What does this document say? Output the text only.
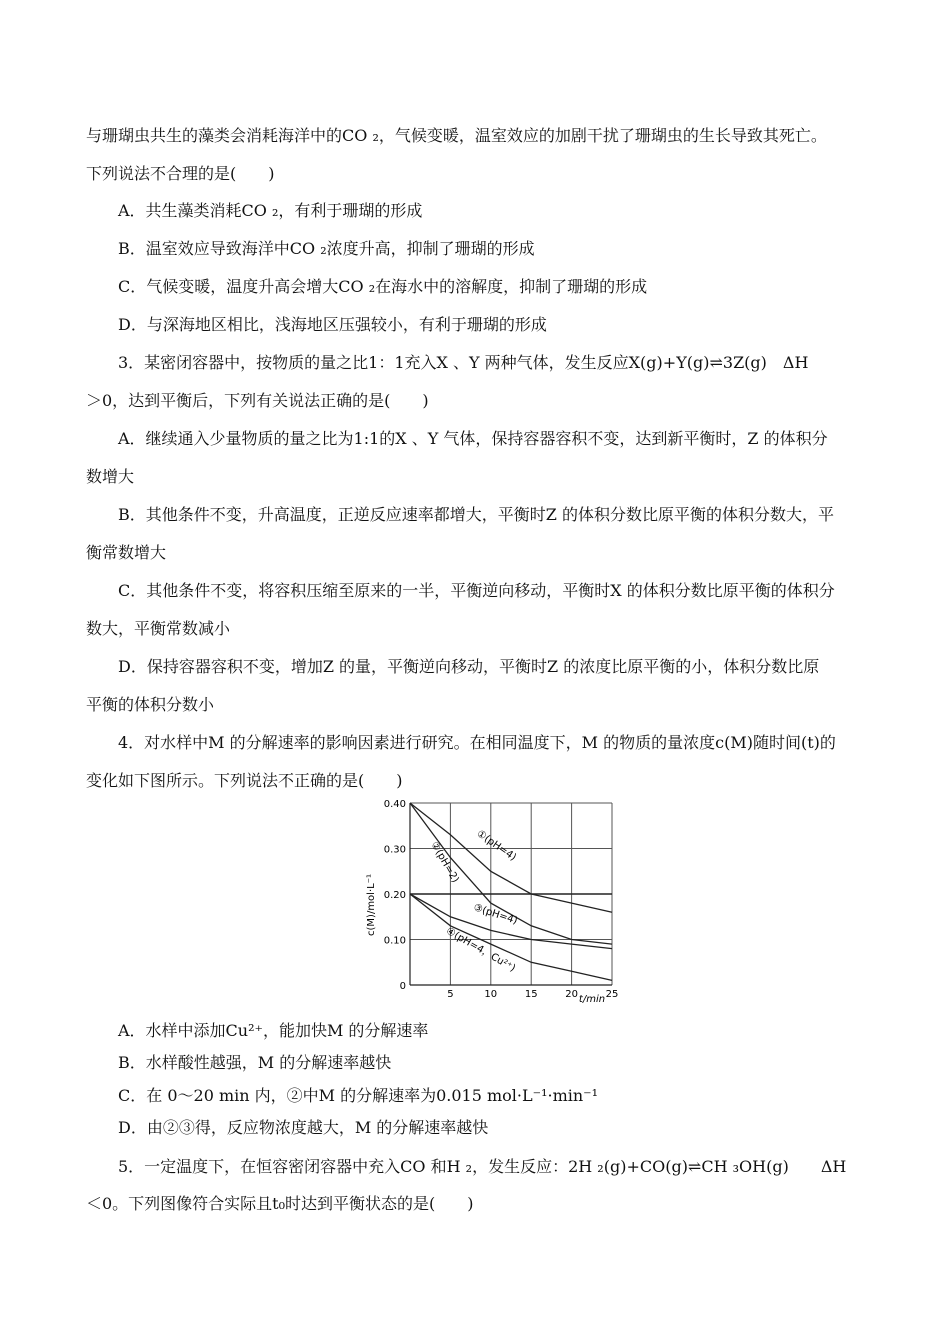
与珊瑚虫共生的藻类会消耗海洋中的CO ₂，气候变暖，温室效应的加剧干扰了珊瑚虫的生长导致其死亡。
下列说法不合理的是(　　)
A．共生藻类消耗CO ₂，有利于珊瑚的形成
B．温室效应导致海洋中CO ₂浓度升高，抑制了珊瑚的形成
C．气候变暖，温度升高会增大CO ₂在海水中的溶解度，抑制了珊瑚的形成
D．与深海地区相比，浅海地区压强较小，有利于珊瑚的形成
3．某密闭容器中，按物质的量之比1：1充入X 、Y 两种气体，发生反应X(g)+Y(g)⇌3Z(g)　ΔH
＞0，达到平衡后，下列有关说法正确的是(　　)
A．继续通入少量物质的量之比为1:1的X 、Y 气体，保持容器容积不变，达到新平衡时，Z 的体积分
数增大
B．其他条件不变，升高温度，正逆反应速率都增大，平衡时Z 的体积分数比原平衡的体积分数大，平
衡常数增大
C．其他条件不变，将容积压缩至原来的一半，平衡逆向移动，平衡时X 的体积分数比原平衡的体积分
数大，平衡常数减小
D．保持容器容积不变，增加Z 的量，平衡逆向移动，平衡时Z 的浓度比原平衡的小，体积分数比原
平衡的体积分数小
4．对水样中M 的分解速率的影响因素进行研究。在相同温度下，M 的物质的量浓度c(M)随时间(t)的
变化如下图所示。下列说法不正确的是(　　)
0
0.10
0.20
0.30
0.40
5	10	15	20	25
①(pH=4)
②(pH=2)
③(pH=4)
④(pH=4，Cu²⁺)
c(M)/mol·L⁻¹
t/min
A．水样中添加Cu²⁺，能加快M 的分解速率
B．水样酸性越强，M 的分解速率越快
C．在 0～20 min 内，②中M 的分解速率为0.015 mol·L⁻¹·min⁻¹
D．由②③得，反应物浓度越大，M 的分解速率越快
5．一定温度下，在恒容密闭容器中充入CO 和H ₂，发生反应：2H ₂(g)+CO(g)⇌CH ₃OH(g)　　ΔH
＜0。下列图像符合实际且t₀时达到平衡状态的是(　　)
